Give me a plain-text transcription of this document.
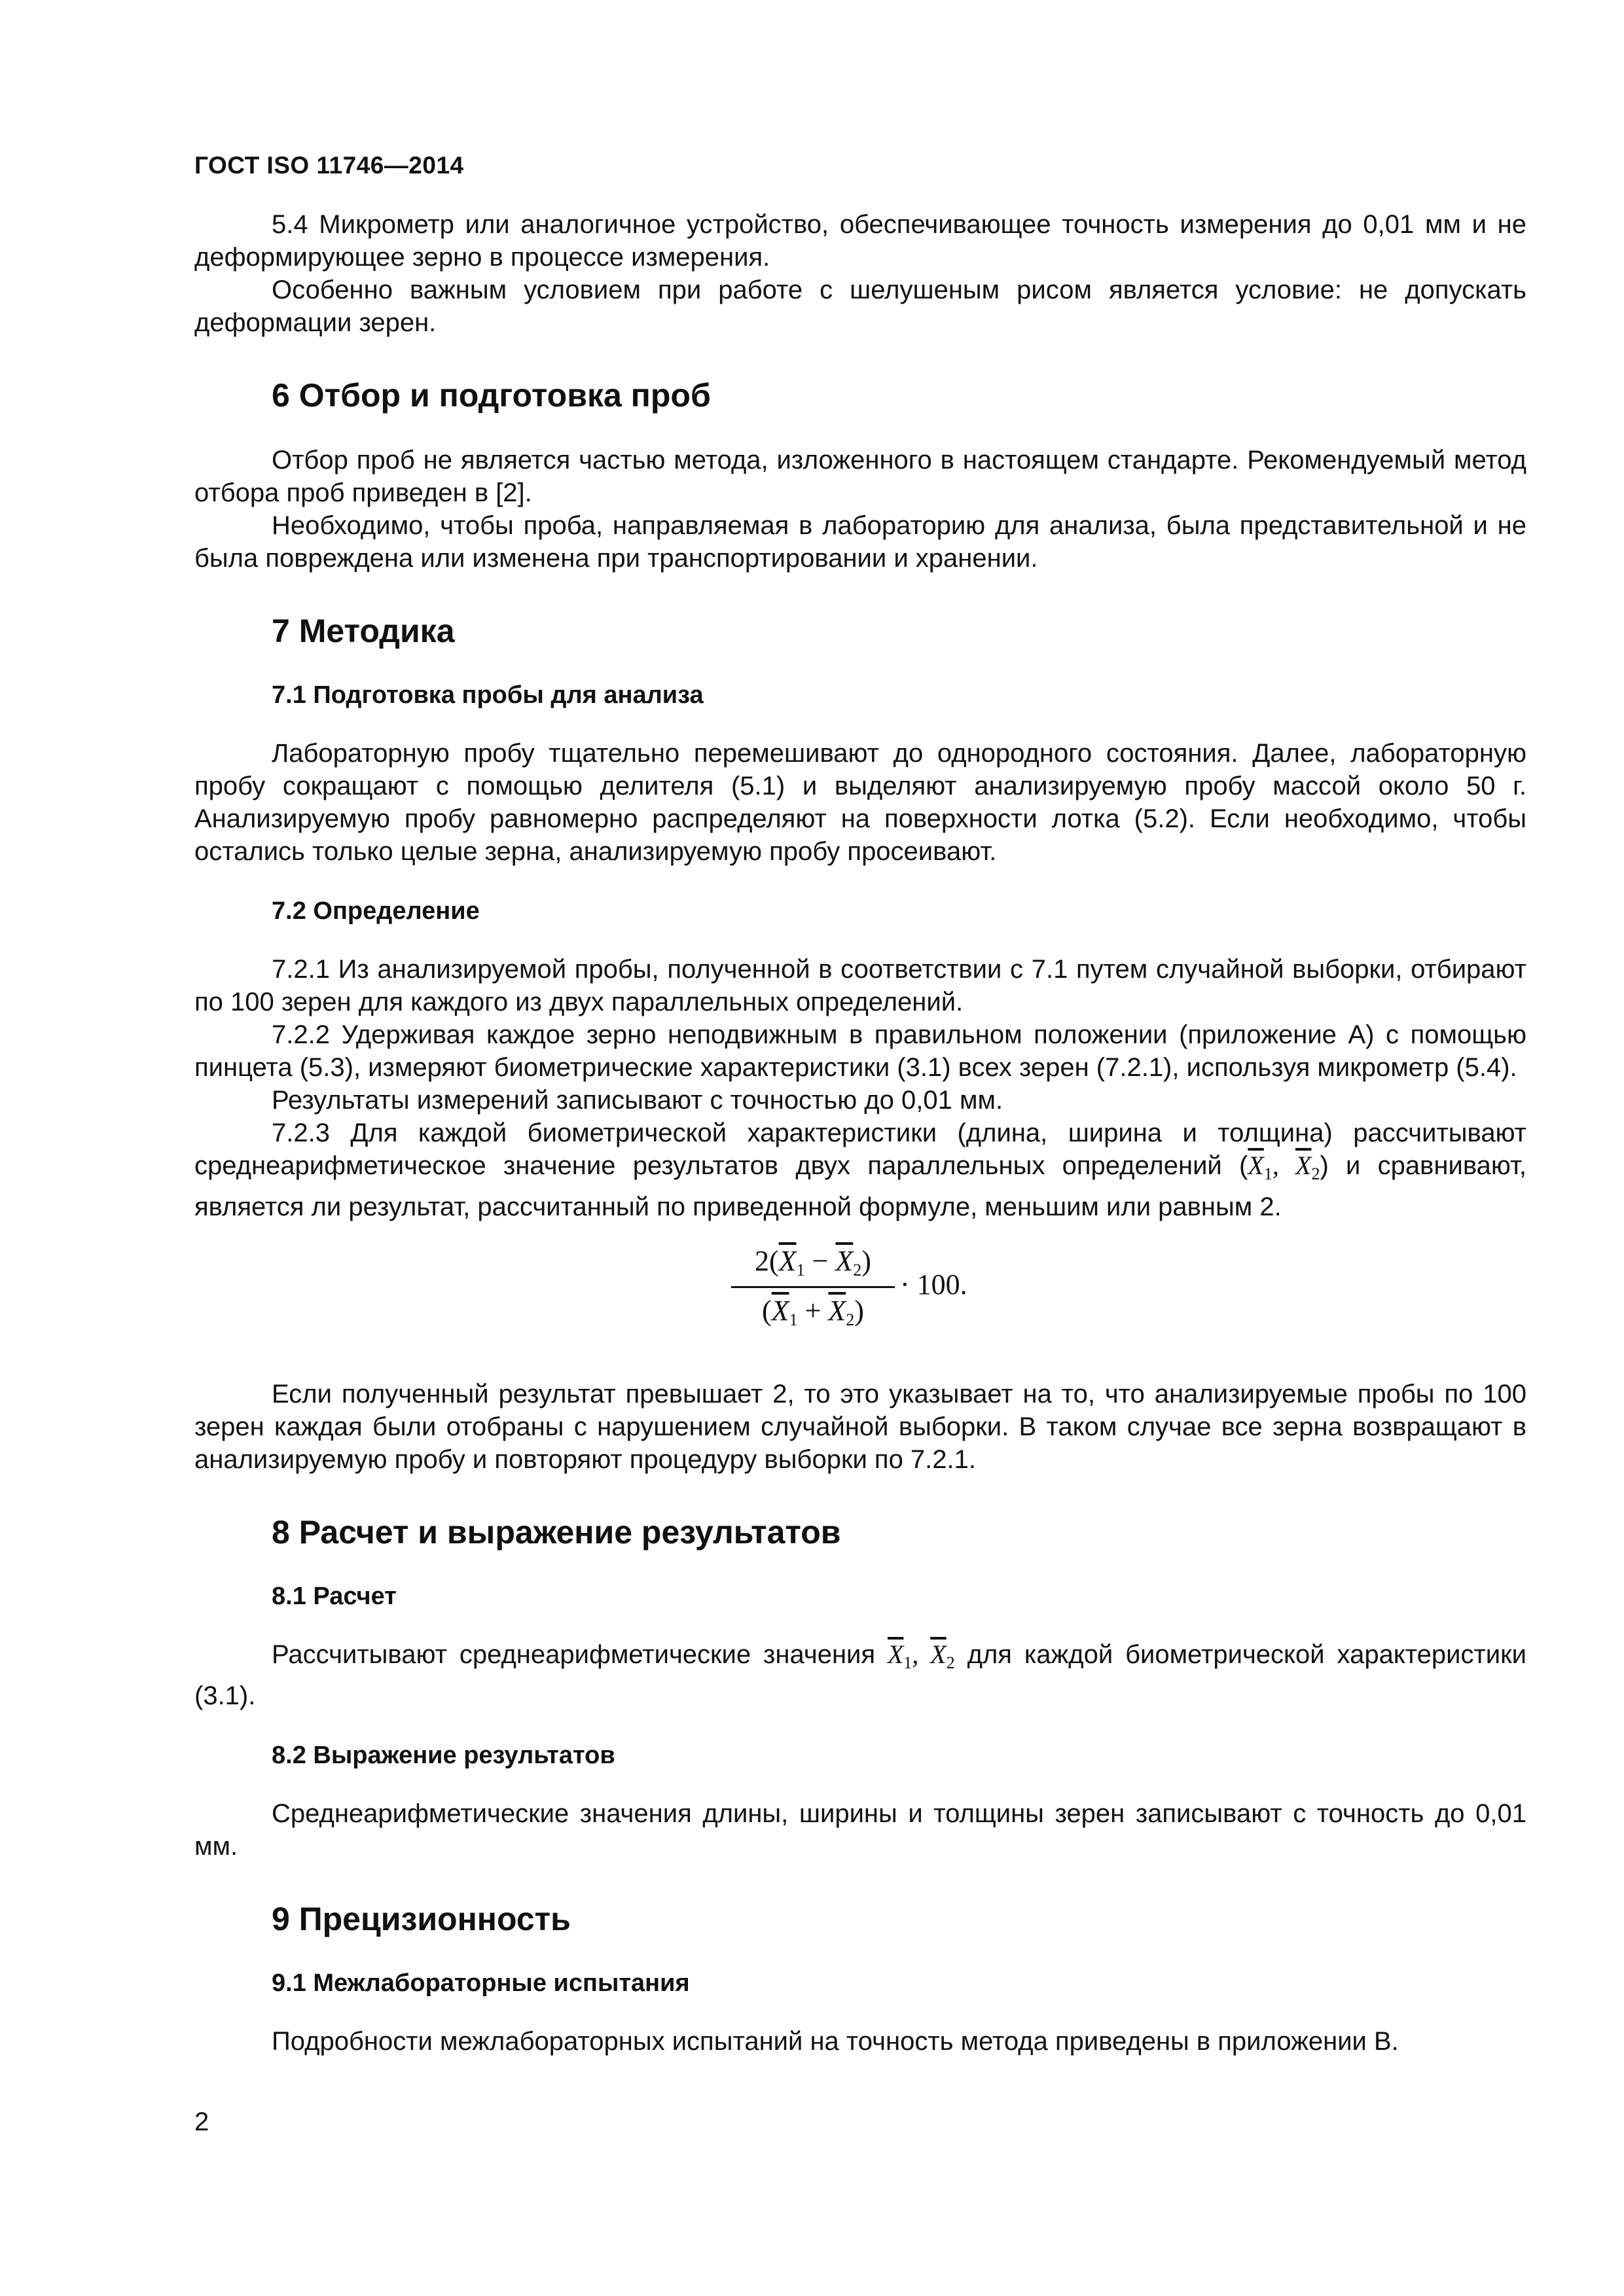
ГОСТ ISO 11746—2014

5.4 Микрометр или аналогичное устройство, обеспечивающее точность измерения до 0,01 мм и не деформирующее зерно в процессе измерения.

Особенно важным условием при работе с шелушеным рисом является условие: не допускать деформации зерен.

6 Отбор и подготовка проб

Отбор проб не является частью метода, изложенного в настоящем стандарте. Рекомендуемый метод отбора проб приведен в [2].

Необходимо, чтобы проба, направляемая в лабораторию для анализа, была представительной и не была повреждена или изменена при транспортировании и хранении.

7 Методика
7.1 Подготовка пробы для анализа

Лабораторную пробу тщательно перемешивают до однородного состояния. Далее, лабораторную пробу сокращают с помощью делителя (5.1) и выделяют анализируемую пробу массой около 50 г. Анализируемую пробу равномерно распределяют на поверхности лотка (5.2). Если необходимо, чтобы остались только целые зерна, анализируемую пробу просеивают.

7.2 Определение

7.2.1 Из анализируемой пробы, полученной в соответствии с 7.1 путем случайной выборки, отбирают по 100 зерен для каждого из двух параллельных определений.

7.2.2 Удерживая каждое зерно неподвижным в правильном положении (приложение А) с помощью пинцета (5.3), измеряют биометрические характеристики (3.1) всех зерен (7.2.1), используя микрометр (5.4).

Результаты измерений записывают с точностью до 0,01 мм.

7.2.3 Для каждой биометрической характеристики (длина, ширина и толщина) рассчитывают среднеарифметическое значение результатов двух параллельных определений ($\overline{X}_1$, $\overline{X}_2$) и сравнивают, является ли результат, рассчитанный по приведенной формуле, меньшим или равным 2.

$2(\overline{X}_1 - \overline{X}_2)$
$(\overline{X}_1 + \overline{X}_2)$
· 100.

Если полученный результат превышает 2, то это указывает на то, что анализируемые пробы по 100 зерен каждая были отобраны с нарушением случайной выборки. В таком случае все зерна возвращают в анализируемую пробу и повторяют процедуру выборки по 7.2.1.

8 Расчет и выражение результатов
8.1 Расчет

Рассчитывают среднеарифметические значения $\overline{X}_1$, $\overline{X}_2$ для каждой биометрической характеристики (3.1).

8.2 Выражение результатов

Среднеарифметические значения длины, ширины и толщины зерен записывают с точность до 0,01 мм.

9 Прецизионность
9.1 Межлабораторные испытания

Подробности межлабораторных испытаний на точность метода приведены в приложении В.

2
